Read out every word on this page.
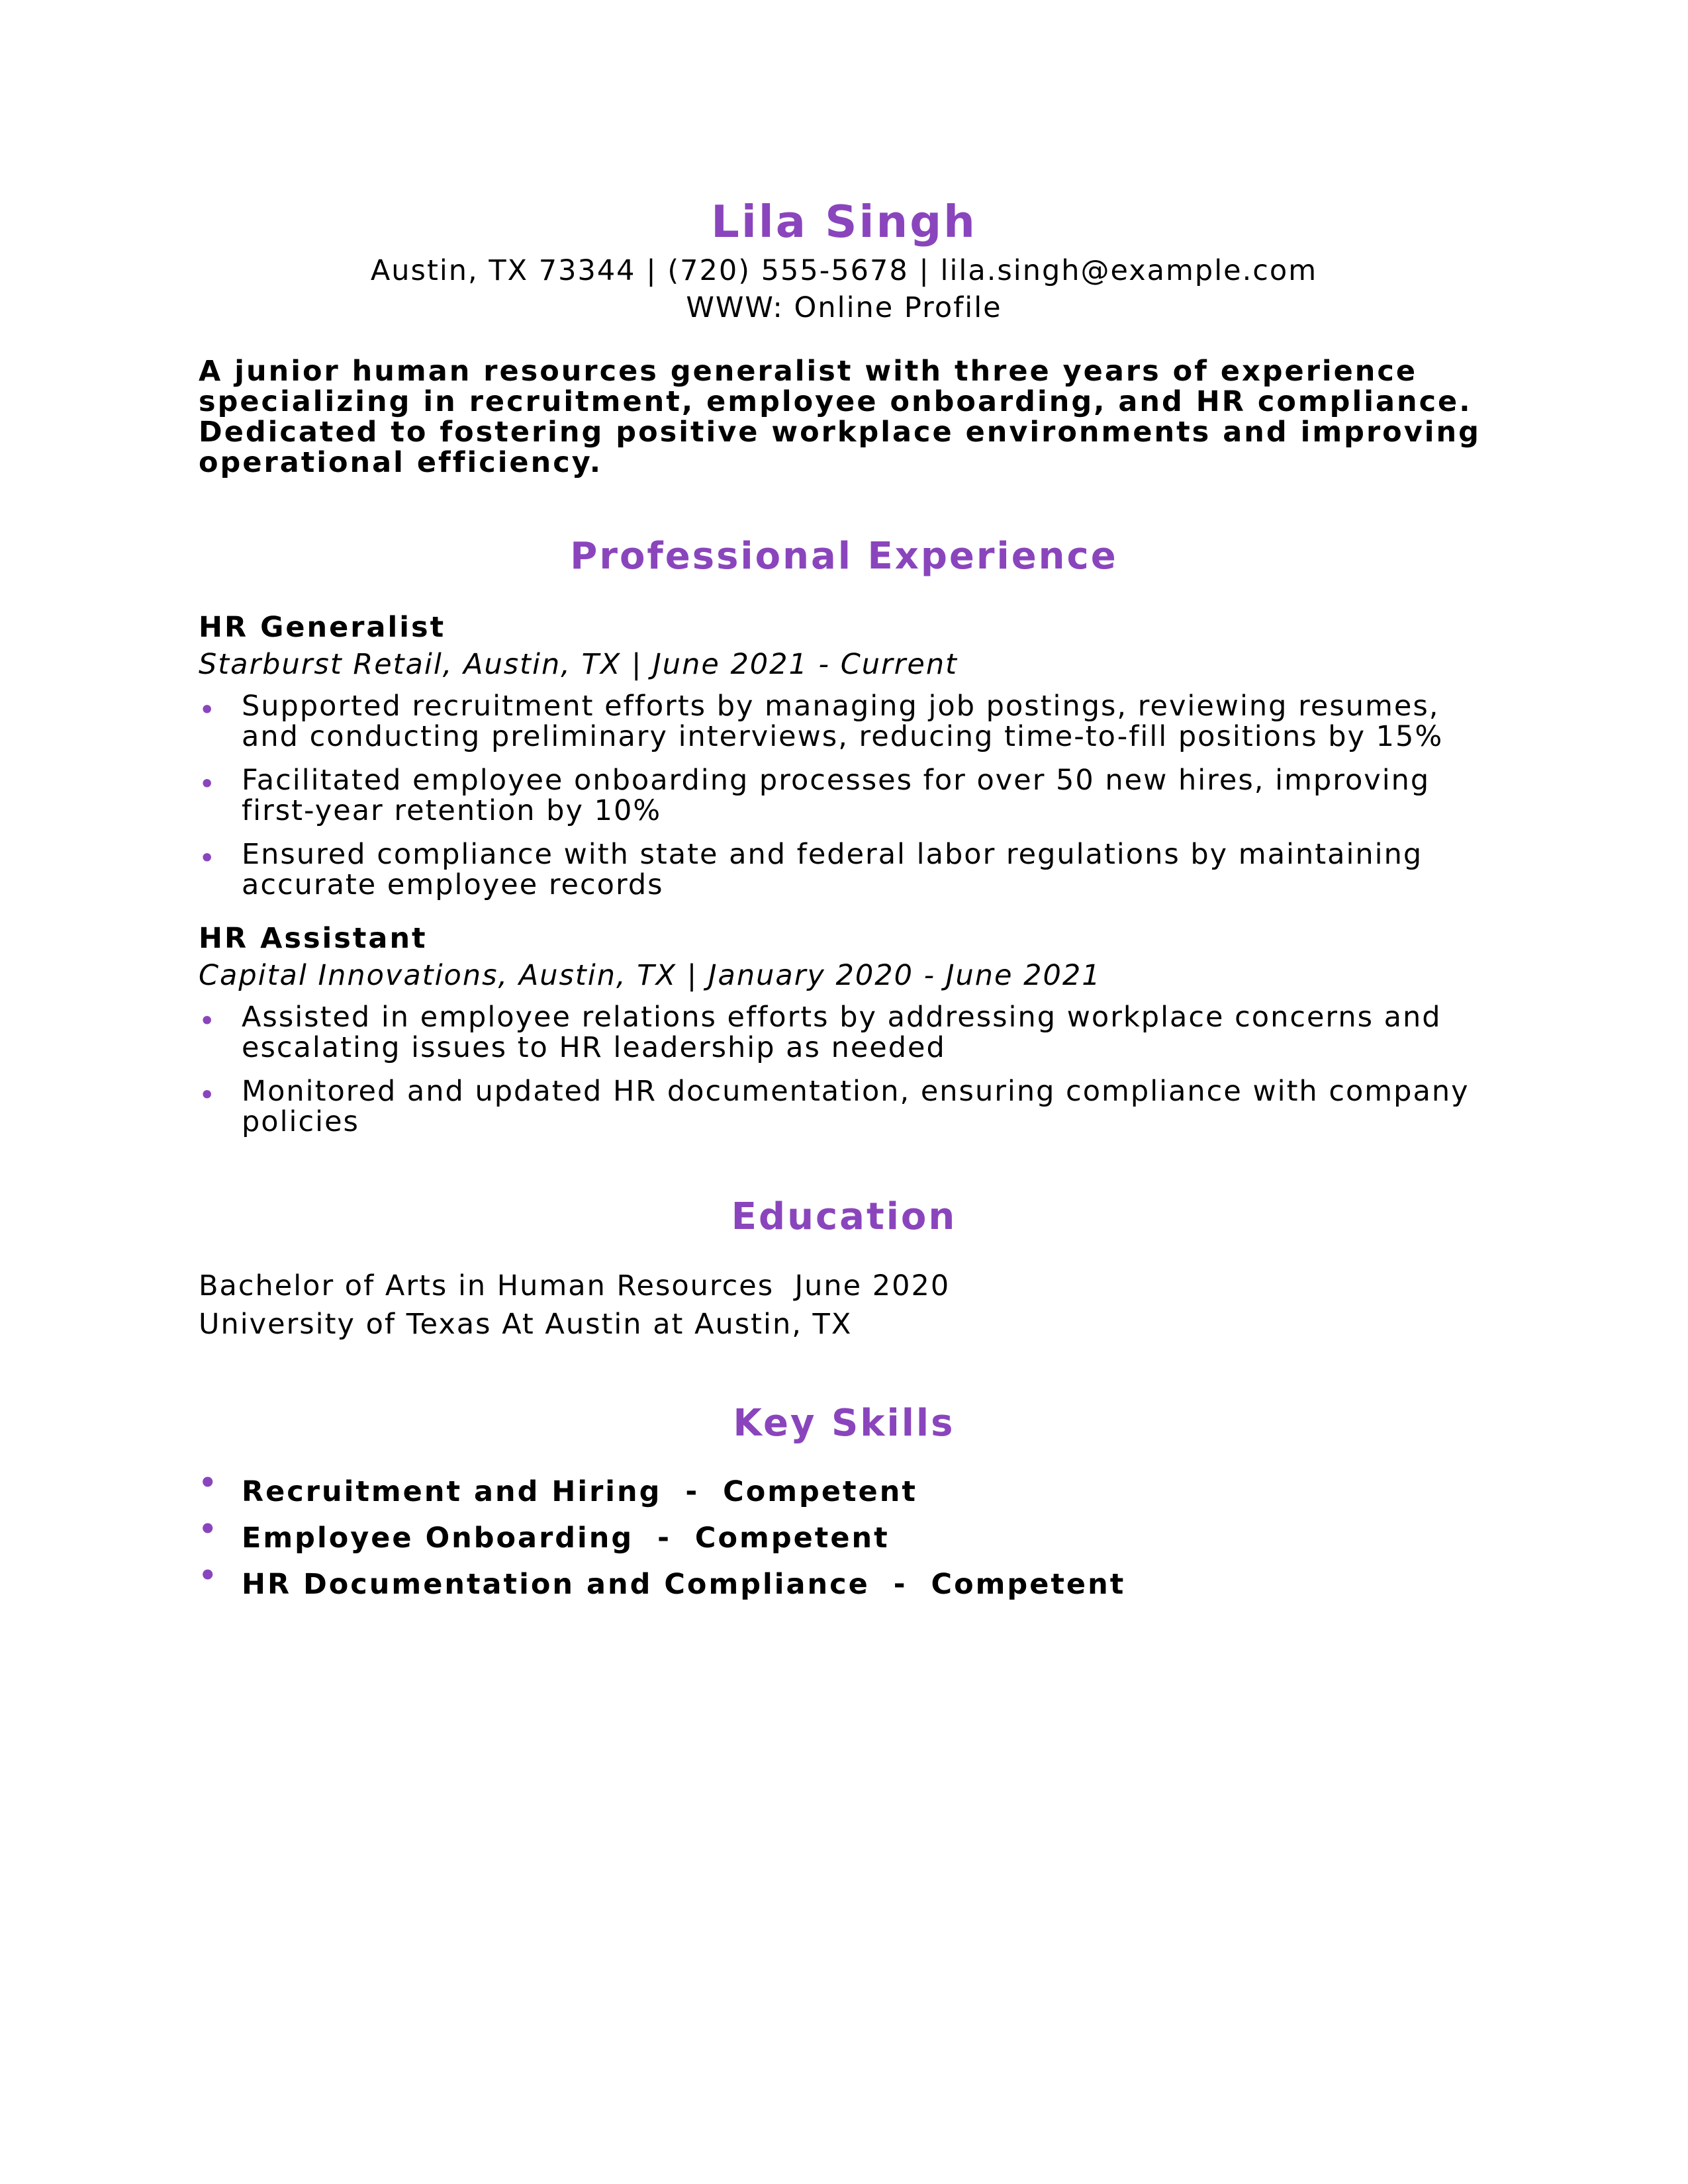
Lila Singh
Austin, TX 73344 | (720) 555-5678 | lila.singh@example.com
WWW: Online Profile
A junior human resources generalist with three years of experience specializing in recruitment, employee onboarding, and HR compliance. Dedicated to fostering positive workplace environments and improving operational efficiency.
Professional Experience
HR Generalist
Starburst Retail, Austin, TX | June 2021 - Current
• Supported recruitment efforts by managing job postings, reviewing resumes, and conducting preliminary interviews, reducing time-to-fill positions by 15%
• Facilitated employee onboarding processes for over 50 new hires, improving first-year retention by 10%
• Ensured compliance with state and federal labor regulations by maintaining accurate employee records
HR Assistant
Capital Innovations, Austin, TX | January 2020 - June 2021
• Assisted in employee relations efforts by addressing workplace concerns and escalating issues to HR leadership as needed
• Monitored and updated HR documentation, ensuring compliance with company policies
Education
Bachelor of Arts in Human Resources  June 2020
University of Texas At Austin at Austin, TX
Key Skills
• Recruitment and Hiring  -  Competent
• Employee Onboarding  -  Competent
• HR Documentation and Compliance  -  Competent
